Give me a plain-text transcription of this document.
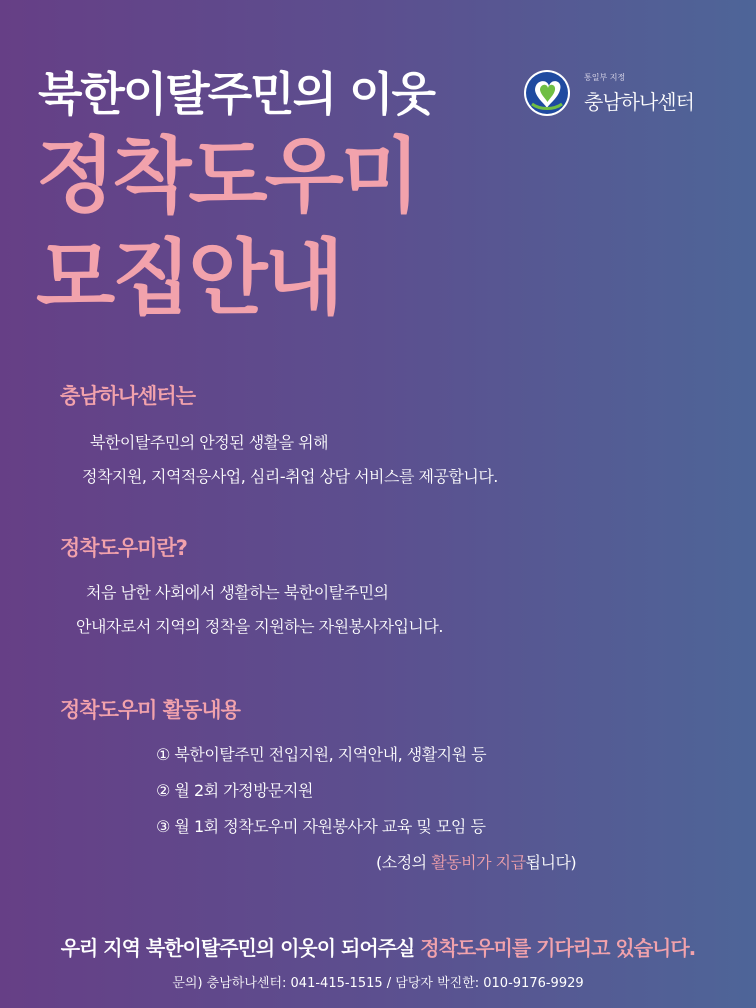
북한이탈주민의 이웃
정착도우미
모집안내
통일부 지정
충남하나센터
충남하나센터는
북한이탈주민의 안정된 생활을 위해
정착지원, 지역적응사업, 심리-취업 상담 서비스를 제공합니다.
정착도우미란?
처음 남한 사회에서 생활하는 북한이탈주민의
안내자로서 지역의 정착을 지원하는 자원봉사자입니다.
정착도우미 활동내용
① 북한이탈주민 전입지원, 지역안내, 생활지원 등
② 월 2회 가정방문지원
③ 월 1회 정착도우미 자원봉사자 교육 및 모임 등
(소정의 활동비가 지급됩니다)
우리 지역 북한이탈주민의 이웃이 되어주실 정착도우미를 기다리고 있습니다.
문의) 충남하나센터: 041-415-1515 / 담당자 박진한: 010-9176-9929
